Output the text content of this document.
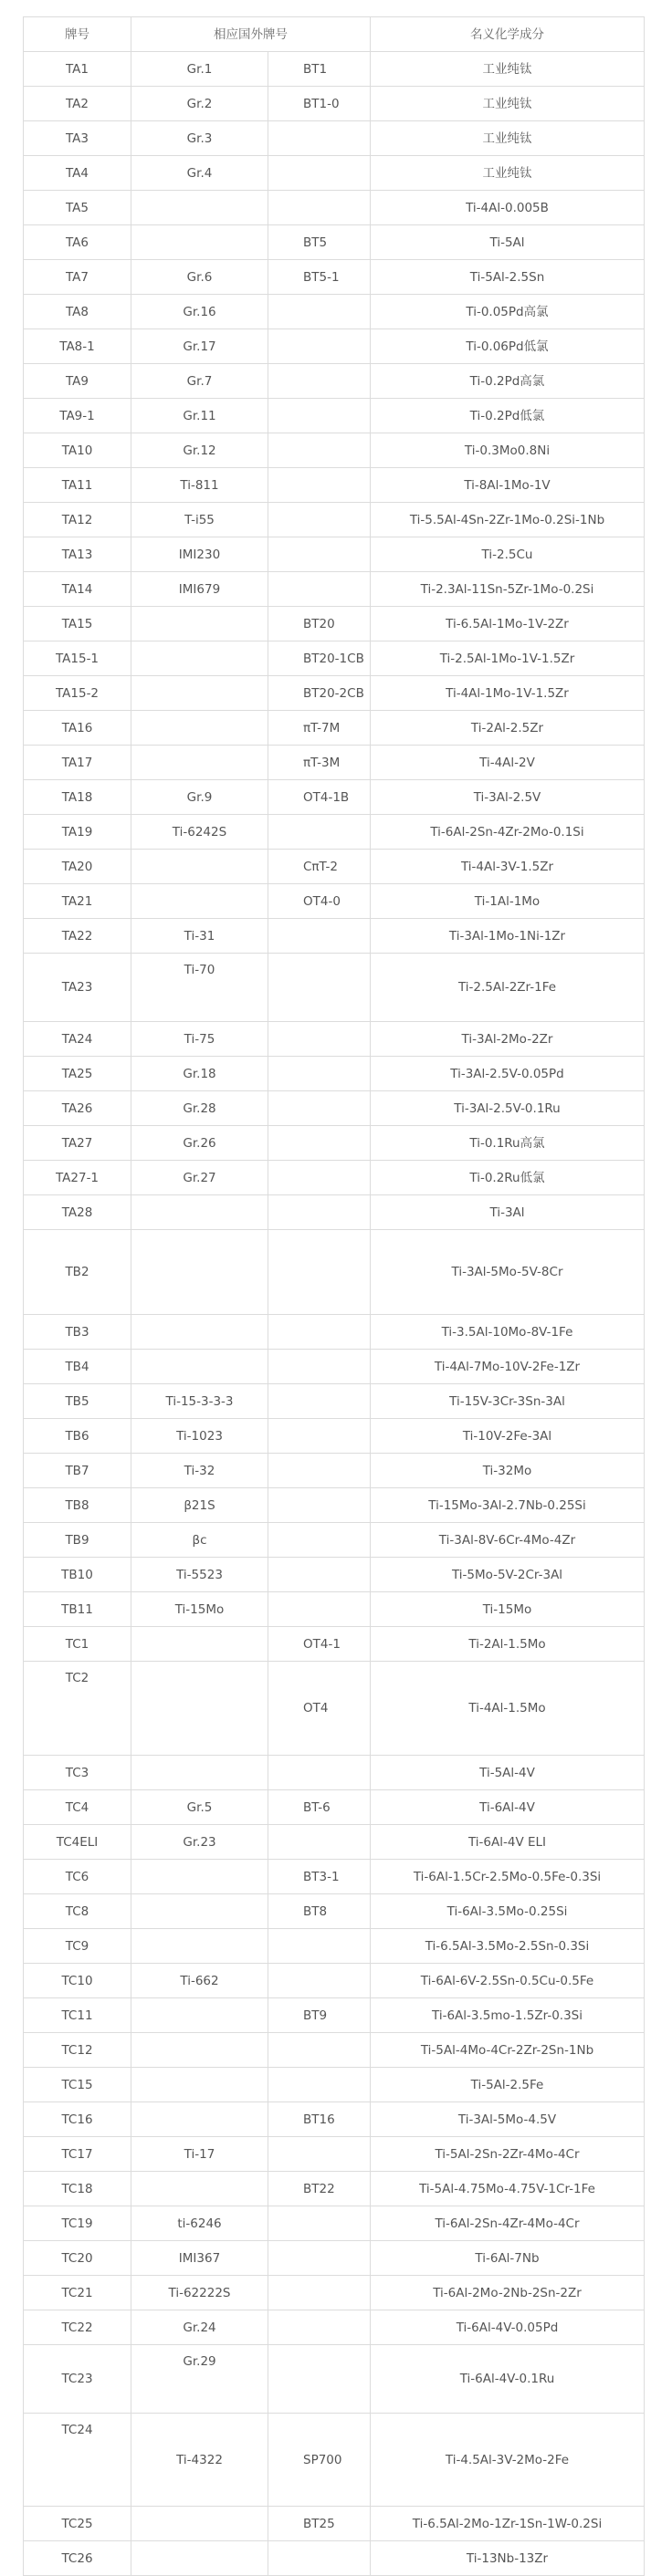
牌号	相应国外牌号		名义化学成分
TA1	Gr.1	BT1	工业纯钛
TA2	Gr.2	BT1-0	工业纯钛
TA3	Gr.3		工业纯钛
TA4	Gr.4		工业纯钛
TA5			Ti-4Al-0.005B
TA6		BT5	Ti-5Al
TA7	Gr.6	BT5-1	Ti-5Al-2.5Sn
TA8	Gr.16		Ti-0.05Pd高氯
TA8-1	Gr.17		Ti-0.06Pd低氯
TA9	Gr.7		Ti-0.2Pd高氯
TA9-1	Gr.11		Ti-0.2Pd低氯
TA10	Gr.12		Ti-0.3Mo0.8Ni
TA11	Ti-811		Ti-8Al-1Mo-1V
TA12	T-i55		Ti-5.5Al-4Sn-2Zr-1Mo-0.2Si-1Nb
TA13	IMI230		Ti-2.5Cu
TA14	IMI679		Ti-2.3Al-11Sn-5Zr-1Mo-0.2Si
TA15		BT20	Ti-6.5Al-1Mo-1V-2Zr
TA15-1		BT20-1CB	Ti-2.5Al-1Mo-1V-1.5Zr
TA15-2		BT20-2CB	Ti-4Al-1Mo-1V-1.5Zr
TA16		πT-7M	Ti-2Al-2.5Zr
TA17		πT-3M	Ti-4Al-2V
TA18	Gr.9	OT4-1B	Ti-3Al-2.5V
TA19	Ti-6242S		Ti-6Al-2Sn-4Zr-2Mo-0.1Si
TA20		CπT-2	Ti-4Al-3V-1.5Zr
TA21		OT4-0	Ti-1Al-1Mo
TA22	Ti-31		Ti-3Al-1Mo-1Ni-1Zr
TA23	Ti-70		Ti-2.5Al-2Zr-1Fe
TA24	Ti-75		Ti-3Al-2Mo-2Zr
TA25	Gr.18		Ti-3Al-2.5V-0.05Pd
TA26	Gr.28		Ti-3Al-2.5V-0.1Ru
TA27	Gr.26		Ti-0.1Ru高氯
TA27-1	Gr.27		Ti-0.2Ru低氯
TA28			Ti-3Al
TB2			Ti-3Al-5Mo-5V-8Cr
TB3			Ti-3.5Al-10Mo-8V-1Fe
TB4			Ti-4Al-7Mo-10V-2Fe-1Zr
TB5	Ti-15-3-3-3		Ti-15V-3Cr-3Sn-3Al
TB6	Ti-1023		Ti-10V-2Fe-3Al
TB7	Ti-32		Ti-32Mo
TB8	β21S		Ti-15Mo-3Al-2.7Nb-0.25Si
TB9	βc		Ti-3Al-8V-6Cr-4Mo-4Zr
TB10	Ti-5523		Ti-5Mo-5V-2Cr-3Al
TB11	Ti-15Mo		Ti-15Mo
TC1		OT4-1	Ti-2Al-1.5Mo
TC2		OT4	Ti-4Al-1.5Mo
TC3			Ti-5Al-4V
TC4	Gr.5	BT-6	Ti-6Al-4V
TC4ELI	Gr.23		Ti-6Al-4V ELI
TC6		BT3-1	Ti-6Al-1.5Cr-2.5Mo-0.5Fe-0.3Si
TC8		BT8	Ti-6Al-3.5Mo-0.25Si
TC9			Ti-6.5Al-3.5Mo-2.5Sn-0.3Si
TC10	Ti-662		Ti-6Al-6V-2.5Sn-0.5Cu-0.5Fe
TC11		BT9	Ti-6Al-3.5mo-1.5Zr-0.3Si
TC12			Ti-5Al-4Mo-4Cr-2Zr-2Sn-1Nb
TC15			Ti-5Al-2.5Fe
TC16		BT16	Ti-3Al-5Mo-4.5V
TC17	Ti-17		Ti-5Al-2Sn-2Zr-4Mo-4Cr
TC18		BT22	Ti-5Al-4.75Mo-4.75V-1Cr-1Fe
TC19	ti-6246		Ti-6Al-2Sn-4Zr-4Mo-4Cr
TC20	IMI367		Ti-6Al-7Nb
TC21	Ti-62222S		Ti-6Al-2Mo-2Nb-2Sn-2Zr
TC22	Gr.24		Ti-6Al-4V-0.05Pd
TC23	Gr.29		Ti-6Al-4V-0.1Ru
TC24	Ti-4322	SP700	Ti-4.5Al-3V-2Mo-2Fe
TC25		BT25	Ti-6.5Al-2Mo-1Zr-1Sn-1W-0.2Si
TC26			Ti-13Nb-13Zr
